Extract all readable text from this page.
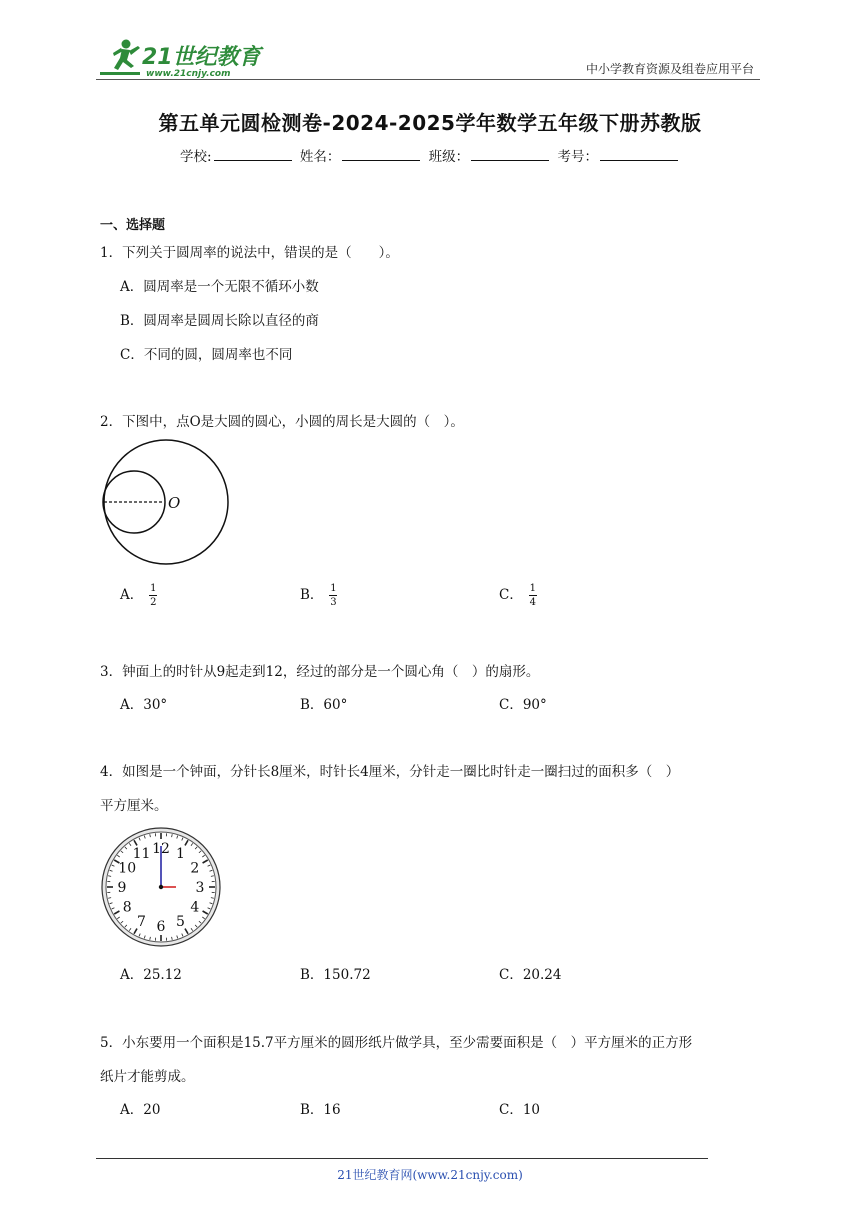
21世纪教育
www.21cnjy.com	中小学教育资源及组卷应用平台
第五单元圆检测卷-2024-2025学年数学五年级下册苏教版
学校:	姓名：	班级：	考号：
一、选择题
1．下列关于圆周率的说法中，错误的是（　　）。
A．圆周率是一个无限不循环小数
B．圆周率是圆周长除以直径的商
C．不同的圆，圆周率也不同
2．下图中，点O是大圆的圆心，小圆的周长是大圆的（　）。
O
A． $\frac{1}{2}$	B． $\frac{1}{3}$	C． $\frac{1}{4}$
3．钟面上的时针从9起走到12，经过的部分是一个圆心角（　）的扇形。
A．30°	B．60°	C．90°
4．如图是一个钟面，分针长8厘米，时针长4厘米，分针走一圈比时针走一圈扫过的面积多（　）
平方厘米。
12 1
2
3
4
5
6
7
8
9
10
11
A．25.12	B．150.72	C．20.24
5．小东要用一个面积是15.7平方厘米的圆形纸片做学具，至少需要面积是（　）平方厘米的正方形
纸片才能剪成。
A．20	B．16	C．10
21世纪教育网(www.21cnjy.com)
